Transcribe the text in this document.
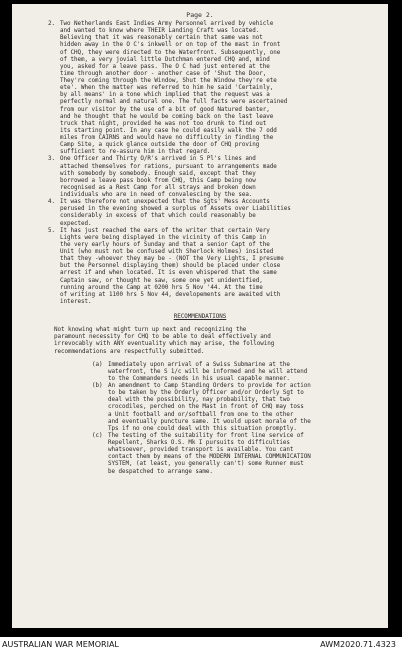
Page 2.
2. Two Netherlands East Indies Army Personnel arrived by vehicle
and wanted to know where THEIR Landing Craft was located.
Believing that it was reasonably certain that same was not
hidden away in the O C's inkwell or on top of the mast in front
of CHQ, they were directed to the Waterfront. Subsequently, one
of them, a very jovial little Dutchman entered CHQ and, mind
you, asked for a leave pass. The O C had just entered at the
time through another door - another case of 'Shut the Door,
They're coming through the Window, Shut the Window they're ete
ete'. When the matter was referred to him he said 'Certainly,
by all means' in a tone which implied that the request was a
perfectly normal and natural one. The full facts were ascertained
from our visitor by the use of a bit of good Natured banter,
and he thought that he would be coming back on the last leave
truck that night, provided he was not too drunk to find out
its starting point. In any case he could easily walk the 7 odd
miles from CAIRNS and would have no difficulty in finding the
Camp Site, a quick glance outside the door of CHQ proving
sufficient to re-assure him in that regard.
3. One Officer and Thirty O/R's arrived in 5 Pl's lines and
attached themselves for rations, pursuant to arrangements made
with somebody by somebody. Enough said, except that they
borrowed a leave pass book from CHQ, this Camp being now
recognised as a Rest Camp for all strays and broken down
individuals who are in need of convalescing by the sea.
4. It was therefore not unexpected that the Sgts' Mess Accounts
perused in the evening showed a surplus of Assets over Liabilities
considerably in excess of that which could reasonably be
expected.
5. It has just reached the ears of the writer that certain Very
Lights were being displayed in the vicinity of this Camp in
the very early hours of Sunday and that a senior Capt of the
Unit (who must not be confused with Sherlock Holmes) insisted
that they -whoever they may be - (NOT the Very Lights, I presume
but the Personnel displaying them) should be placed under close
arrest if and when located. It is even whispered that the same
Captain saw, or thought he saw, some one yet unidentified,
running around the Camp at 0200 hrs 5 Nov '44. At the time
of writing at 1100 hrs 5 Nov 44, developements are awaited with
interest.
RECOMMENDATIONS
Not knowing what might turn up next and recognizing the
paramount necessity for CHQ to be able to deal effectively and
irrevocably with ANY eventuality which may arise, the following
recommendations are respectfully submitted.
(a) Immediately upon arrival of a Swiss Submarine at the
waterfront, the S 1/c will be informed and he will attend
to the Commanders needs in his usual capable manner.
(b) An amendment to Camp Standing Orders to provide for action
to be taken by the Orderly Officer and/or Orderly Sgt to
deal with the possibility, nay probability, that two
crocodiles, perched on the Mast in front of CHQ may toss
a Unit football and or/softball from one to the other
and eventually puncture same. It would upset morale of the
Tps if no one could deal with this situation promptly.
(c) The testing of the suitability for front line service of
Repellent, Sharks O.S. Mk I pursuits to difficulties
whatsoever, provided transport is available. You cant
contact them by means of the MODERN INTERNAL COMMUNICATION
SYSTEM, (at least, you generally can't) some Runner must
be despatched to arrange same.
AUSTRALIAN WAR MEMORIAL	AWM2020.71.4323
